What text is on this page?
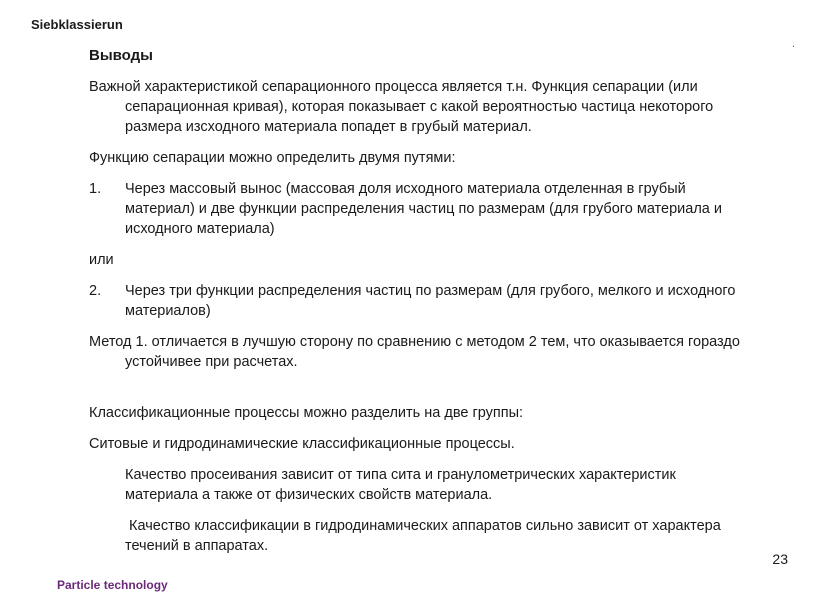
Siebklassierun
.
Выводы
Важной характеристикой сепарационного процесса является т.н. Функция сепарации (или сепарационная кривая), которая показывает с какой вероятностью частица некоторого размера изсходного материала попадет в грубый материал.
Функцию сепарации можно определить двумя путями:
1. Через массовый вынос (массовая доля исходного материала отделенная в грубый материал) и две функции распределения частиц по размерам (для грубого материала и исходного материала)
или
2. Через три функции распределения частиц по размерам (для грубого, мелкого и исходного материалов)
Метод 1. отличается в лучшую сторону по сравнению с методом 2 тем, что оказывается гораздо устойчивее при расчетах.
Классификационные процессы можно разделить на две группы:
Ситовые и гидродинамические классификационные процессы.
Качество просеивания зависит от типа сита и гранулометрических характеристик материала а также от физических свойств материала.
Качество классификации в гидродинамических аппаратов сильно зависит от характера течений в аппаратах.
23
Particle technology
